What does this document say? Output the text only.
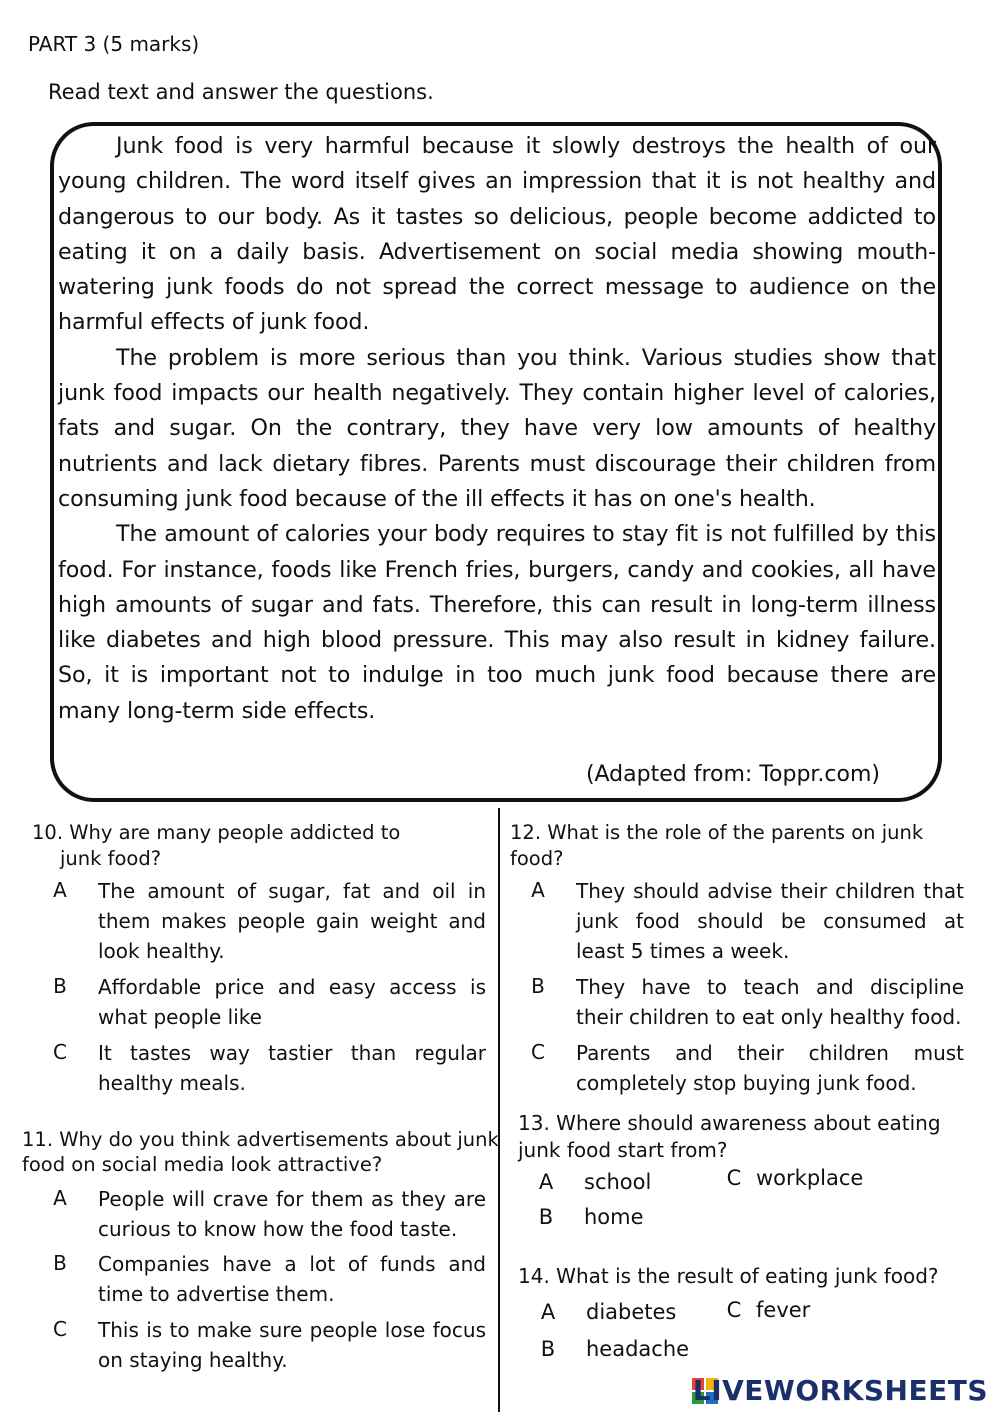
PART 3 (5 marks)
Read text and answer the questions.

Junk food is very harmful because it slowly destroys the health of our young children. The word itself gives an impression that it is not healthy and dangerous to our body. As it tastes so delicious, people become addicted to eating it on a daily basis. Advertisement on social media showing mouth-watering junk foods do not spread the correct message to audience on the harmful effects of junk food.

The problem is more serious than you think. Various studies show that junk food impacts our health negatively. They contain higher level of calories, fats and sugar. On the contrary, they have very low amounts of healthy nutrients and lack dietary fibres. Parents must discourage their children from consuming junk food because of the ill effects it has on one's health.

The amount of calories your body requires to stay fit is not fulfilled by this food. For instance, foods like French fries, burgers, candy and cookies, all have high amounts of sugar and fats. Therefore, this can result in long-term illness like diabetes and high blood pressure. This may also result in kidney failure. So, it is important not to indulge in too much junk food because there are many long-term side effects.

(Adapted from: Toppr.com)
10. Why are many people addicted to
junk food?
A The amount of sugar, fat and oil in them makes people gain weight and look healthy.
B Affordable price and easy access is what people like
C It tastes way tastier than regular healthy meals.
11. Why do you think advertisements about junk
food on social media look attractive?
A People will crave for them as they are curious to know how the food taste.
B Companies have a lot of funds and time to advertise them.
C This is to make sure people lose focus on staying healthy.
12. What is the role of the parents on junk
food?
A They should advise their children that junk food should be consumed at least 5 times a week.
B They have to teach and discipline their children to eat only healthy food.
C Parents and their children must completely stop buying junk food.
13. Where should awareness about eating
junk food start from?
A school	C workplace
B home
14. What is the result of eating junk food?
A diabetes C fever
B headache
LIVEWORKSHEETS
